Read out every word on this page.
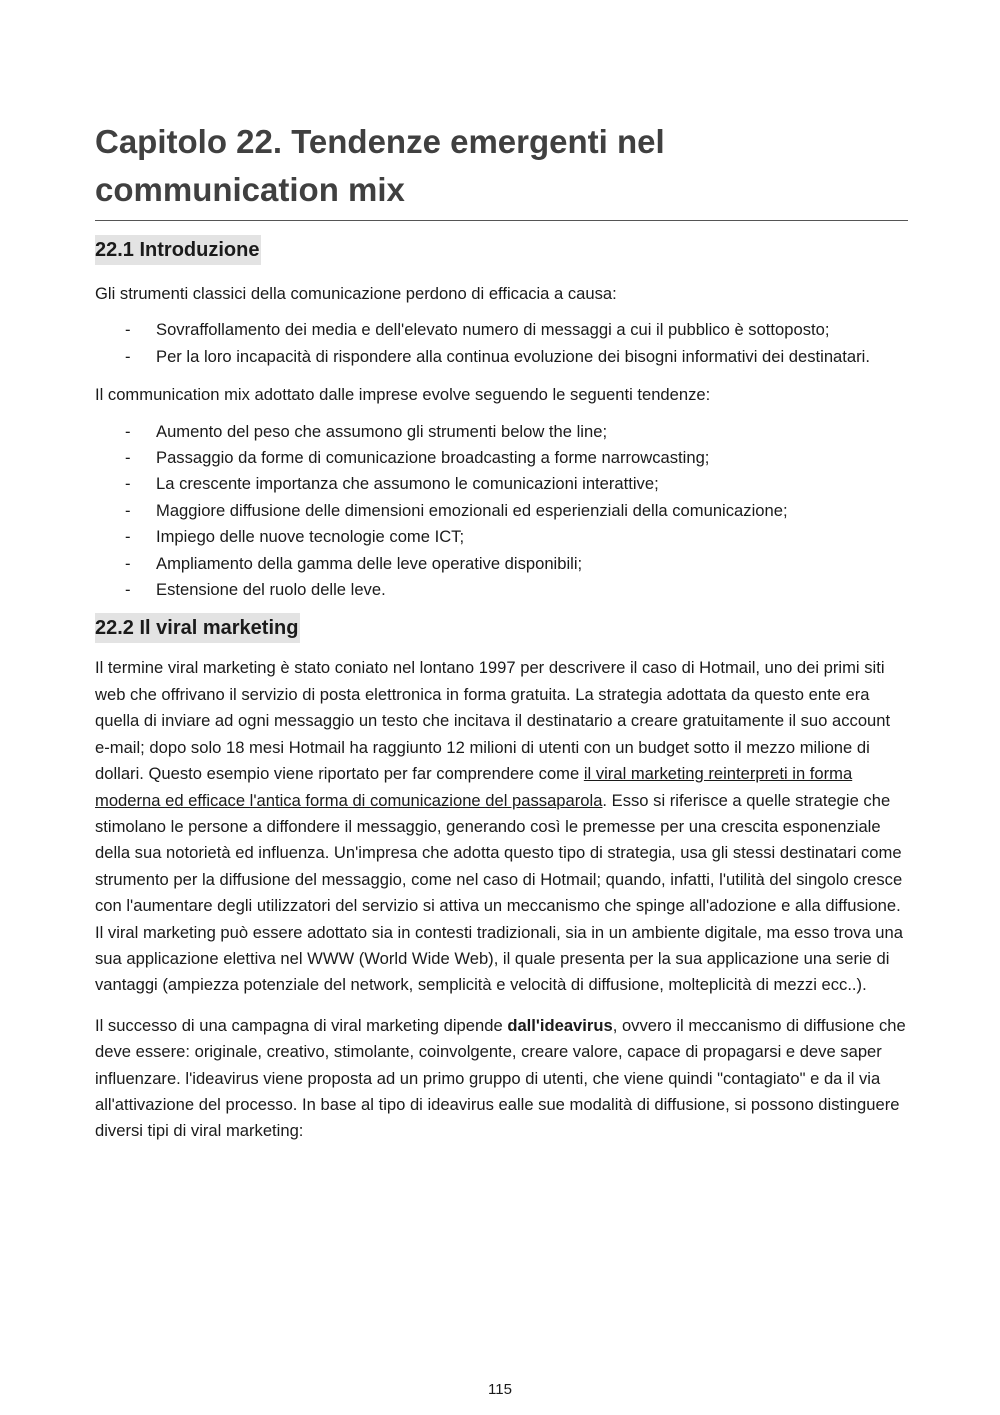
Capitolo 22. Tendenze emergenti nel
communication mix
22.1 Introduzione

Gli strumenti classici della comunicazione perdono di efficacia a causa:

- Sovraffollamento dei media e dell'elevato numero di messaggi a cui il pubblico è sottoposto;
- Per la loro incapacità di rispondere alla continua evoluzione dei bisogni informativi dei destinatari.

Il communication mix adottato dalle imprese evolve seguendo le seguenti tendenze:

- Aumento del peso che assumono gli strumenti below the line;
- Passaggio da forme di comunicazione broadcasting a forme narrowcasting;
- La crescente importanza che assumono le comunicazioni interattive;
- Maggiore diffusione delle dimensioni emozionali ed esperienziali della comunicazione;
- Impiego delle nuove tecnologie come ICT;
- Ampliamento della gamma delle leve operative disponibili;
- Estensione del ruolo delle leve.
22.2 Il viral marketing

Il termine viral marketing è stato coniato nel lontano 1997 per descrivere il caso di Hotmail, uno dei primi siti web che offrivano il servizio di posta elettronica in forma gratuita. La strategia adottata da questo ente era quella di inviare ad ogni messaggio un testo che incitava il destinatario a creare gratuitamente il suo account e-mail; dopo solo 18 mesi Hotmail ha raggiunto 12 milioni di utenti con un budget sotto il mezzo milione di dollari. Questo esempio viene riportato per far comprendere come il viral marketing reinterpreti in forma moderna ed efficace l'antica forma di comunicazione del passaparola. Esso si riferisce a quelle strategie che stimolano le persone a diffondere il messaggio, generando così le premesse per una crescita esponenziale della sua notorietà ed influenza. Un'impresa che adotta questo tipo di strategia, usa gli stessi destinatari come strumento per la diffusione del messaggio, come nel caso di Hotmail; quando, infatti, l'utilità del singolo cresce con l'aumentare degli utilizzatori del servizio si attiva un meccanismo che spinge all'adozione e alla diffusione. Il viral marketing può essere adottato sia in contesti tradizionali, sia in un ambiente digitale, ma esso trova una sua applicazione elettiva nel WWW (World Wide Web), il quale presenta per la sua applicazione una serie di vantaggi (ampiezza potenziale del network, semplicità e velocità di diffusione, molteplicità di mezzi ecc..).

Il successo di una campagna di viral marketing dipende dall'ideavirus, ovvero il meccanismo di diffusione che deve essere: originale, creativo, stimolante, coinvolgente, creare valore, capace di propagarsi e deve saper influenzare. l'ideavirus viene proposta ad un primo gruppo di utenti, che viene quindi "contagiato" e da il via all'attivazione del processo. In base al tipo di ideavirus ealle sue modalità di diffusione, si possono distinguere diversi tipi di viral marketing:

115
